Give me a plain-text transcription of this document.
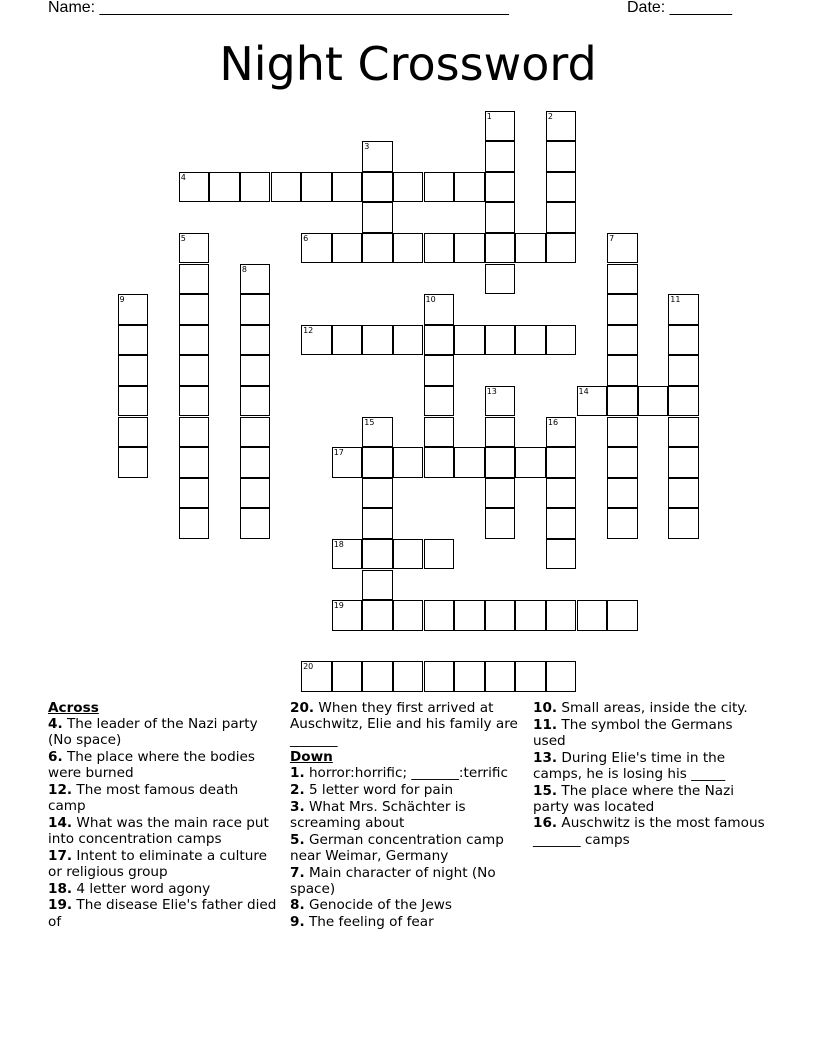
Name: ______________________________________________	Date: _______
Night Crossword
1	2
3
4
5	6	7
8
9	10	11
12
13	14
15	16
17
18
19
20
Across
4. The leader of the Nazi party (No space)
6. The place where the bodies were burned
12. The most famous death camp
14. What was the main race put into concentration camps
17. Intent to eliminate a culture or religious group
18. 4 letter word agony
19. The disease Elie's father died of
20. When they first arrived at Auschwitz, Elie and his family are _______
Down
1. horror:horrific; _______:terrific
2. 5 letter word for pain
3. What Mrs. Schächter is screaming about
5. German concentration camp near Weimar, Germany
7. Main character of night (No space)
8. Genocide of the Jews
9. The feeling of fear
10. Small areas, inside the city.
11. The symbol the Germans used
13. During Elie's time in the camps, he is losing his _____
15. The place where the Nazi party was located
16. Auschwitz is the most famous _______ camps
